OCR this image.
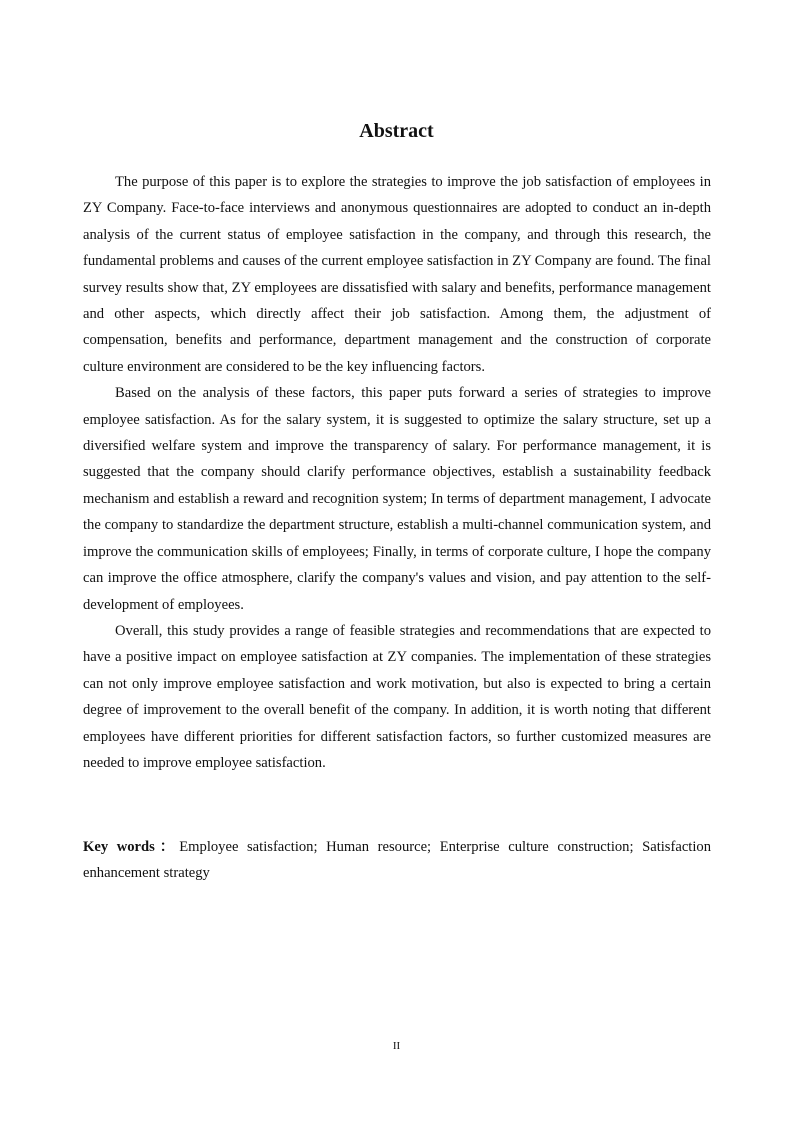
Abstract

The purpose of this paper is to explore the strategies to improve the job satisfaction of employees in ZY Company. Face-to-face interviews and anonymous questionnaires are adopted to conduct an in-depth analysis of the current status of employee satisfaction in the company, and through this research, the fundamental problems and causes of the current employee satisfaction in ZY Company are found. The final survey results show that, ZY employees are dissatisfied with salary and benefits, performance management and other aspects, which directly affect their job satisfaction. Among them, the adjustment of compensation, benefits and performance, department management and the construction of corporate culture environment are considered to be the key influencing factors.

Based on the analysis of these factors, this paper puts forward a series of strategies to improve employee satisfaction. As for the salary system, it is suggested to optimize the salary structure, set up a diversified welfare system and improve the transparency of salary. For performance management, it is suggested that the company should clarify performance objectives, establish a sustainability feedback mechanism and establish a reward and recognition system; In terms of department management, I advocate the company to standardize the department structure, establish a multi-channel communication system, and improve the communication skills of employees; Finally, in terms of corporate culture, I hope the company can improve the office atmosphere, clarify the company's values and vision, and pay attention to the self-development of employees.

Overall, this study provides a range of feasible strategies and recommendations that are expected to have a positive impact on employee satisfaction at ZY companies. The implementation of these strategies can not only improve employee satisfaction and work motivation, but also is expected to bring a certain degree of improvement to the overall benefit of the company. In addition, it is worth noting that different employees have different priorities for different satisfaction factors, so further customized measures are needed to improve employee satisfaction.

Key words：Employee satisfaction; Human resource; Enterprise culture construction; Satisfaction enhancement strategy

II
